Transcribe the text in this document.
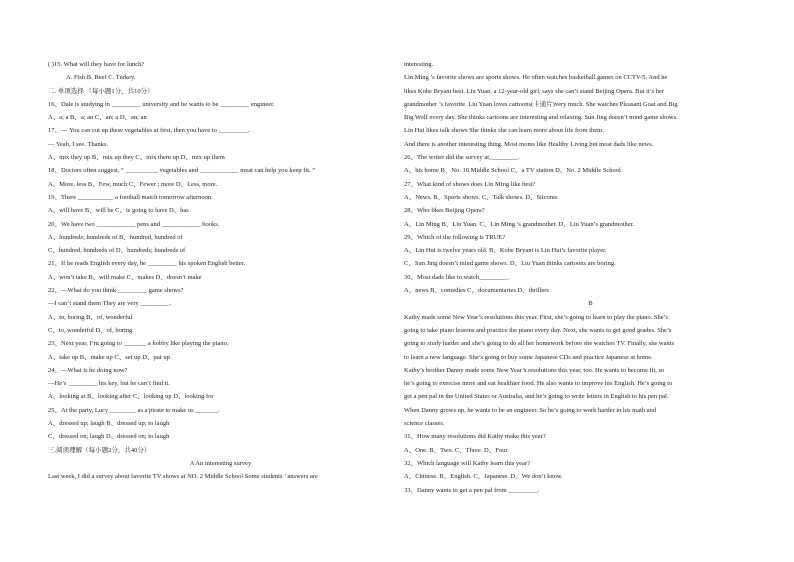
( )15. What will they have for lunch?
A. Fish B. Beef C. Turkey.
二. 单项选择 （每小题1分，共10分）
16、Dale is studying in _________ university and he wants to be _________ engineer.
A、a; a B、a; an C、an; a D、an; an
17、— You can cut up these vegetables at first, then you have to _________.
— Yeah, I see. Thanks.
A、mix they up B、mix up they C、mix them up D、mix up them
18、Doctors often suggest, “ __________ vegetables and ____________ meat can help you keep fit. ”
A、More, less B、Few, much C、Fewer ; more D、Less, more.
19、There ___________ a football match tomorrow afternoon.
A、will have B、will be C、is going to have D、has
20、We have two ____________ pens and ____________ books.
A、hundreds; hundreds of B、hundred, hundred of
C、hundred, hundreds of D、hundreds; hundreds of
21、If he reads English every day, he _________ his spoken English better.
A、won’t take B、will make C、makes D、doesn’t make
22、—What do you think _________ game shows?
—I can’t stand them They are very _________.
A、to, boring B、of, wonderful
C、to, wonderful D、of, boring
23、Next year, I’m going to _______ a hobby like playing the piano.
A、take up B、make up C、set up D、put up
24、—What is he doing now?
—He’s _________ his key, but he can’t find it.
A、looking at B、looking after C、looking up D、looking for
25、At the party, Lucy ________ as a pirate to make us _______.
A、dressed up; laugh B、dressed up; to laugh
C、dressed on; laugh D、dressed on; to laugh
三.阅读理解（每小题2分，共40分）
A An interesting survey
Last week, I did a survey about favorite TV shows at NO. 2 Middle School Some students ’ answers are
interesting.
Lin Ming ’s favorite shows are sports shows. He often watches basketball games on CCTV-5. And he
likes Kobe Bryant best. Liu Yuan, a 12-year-old girl, says she can’t stand Beijing Opera. But it’s her
grandmother ’s favorite. Liu Yuan loves cartoons(卡通片)very much. She watches Pleasant Goat and Big
Big Wolf every day. She thinks cartoons are interesting and relaxing. Sun Jing doesn’t mind game shows.
Lin Hui likes talk shows She thinks she can learn more about life from them.
And there is another interesting thing. Most moms like Healthy Living but most dads like news.
26、The writer did the survey at_________.
A、his home B、No. 10 Middle School C、a TV station D、No. 2 Middle School
27、What kind of shows does Lin Ming like best?
A、News. B、Sports shows. C、Talk shows. D、Sitcoms
28、Who likes Beijing Opera?
A、Lin Ming B、Liu Yuan. C、Lin Ming ’s grandmother. D、Liu Yuan’s grandmother.
29、Which of the following is TRUE?
A、Lin Hui is twelve years old. B、Kobe Bryant is Lin Hui’s favorite player.
C、Sun Jing doesn’t mind game shows. D、Liu Yuan thinks cartoons are boring.
30、Most dads like to watch_________.
A、news B、comedies C、documentaries D、thrillers
B
Kathy made some New Year’s resolutions this year. First, she’s going to learn to play the piano. She’s
going to take piano lessons and practice the piano every day. Next, she wants to get good grades. She’s
going to study harder and she’s going to do all her homework before she watches TV. Finally, she wants
to learn a new language. She’s going to buy some Japanese CDs and practice Japanese at home.
Kathy’s brother Danny made some New Year’s resolutions this year, too. He wants to become fit, so
he’s going to exercise more and eat healthier food. He also wants to improve his English. He’s going to
get a pen pal in the United States or Australia, and he’s going to write letters in English to his pen pal.
When Danny grows up, he wants to be an engineer. So he’s going to work harder in his math and
science classes.
31、How many resolutions did Kathy make this year?
A、One. B、Two. C、Three. D、Four.
32、Which language will Kathy learn this year?
A、Chinese. B、English. C、Japanese. D、We don’t know.
33、Danny wants to get a pen pal from _________.
